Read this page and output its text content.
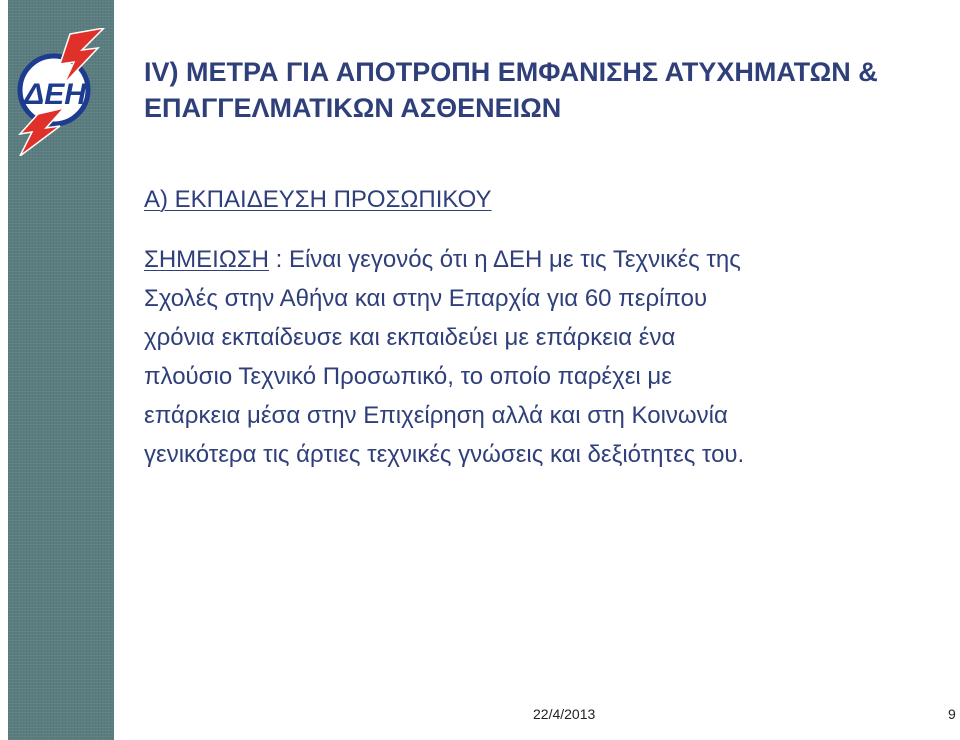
ΔΕΗ
IV) ΜΕΤΡΑ ΓΙΑ ΑΠΟΤΡΟΠΗ ΕΜΦΑΝΙΣΗΣ ΑΤΥΧΗΜΑΤΩΝ &
ΕΠΑΓΓΕΛΜΑΤΙΚΩΝ ΑΣΘΕΝΕΙΩΝ
Α) ΕΚΠΑΙΔΕΥΣΗ ΠΡΟΣΩΠΙΚΟΥ
ΣΗΜΕΙΩΣΗ : Είναι γεγονός ότι η ΔΕΗ με τις Τεχνικές της
Σχολές στην Αθήνα και στην Επαρχία για 60 περίπου
χρόνια εκπαίδευσε και εκπαιδεύει με επάρκεια ένα
πλούσιο Τεχνικό Προσωπικό, το οποίο παρέχει με
επάρκεια μέσα στην Επιχείρηση αλλά και στη Κοινωνία
γενικότερα τις άρτιες τεχνικές γνώσεις και δεξιότητες του.
22/4/2013	9
